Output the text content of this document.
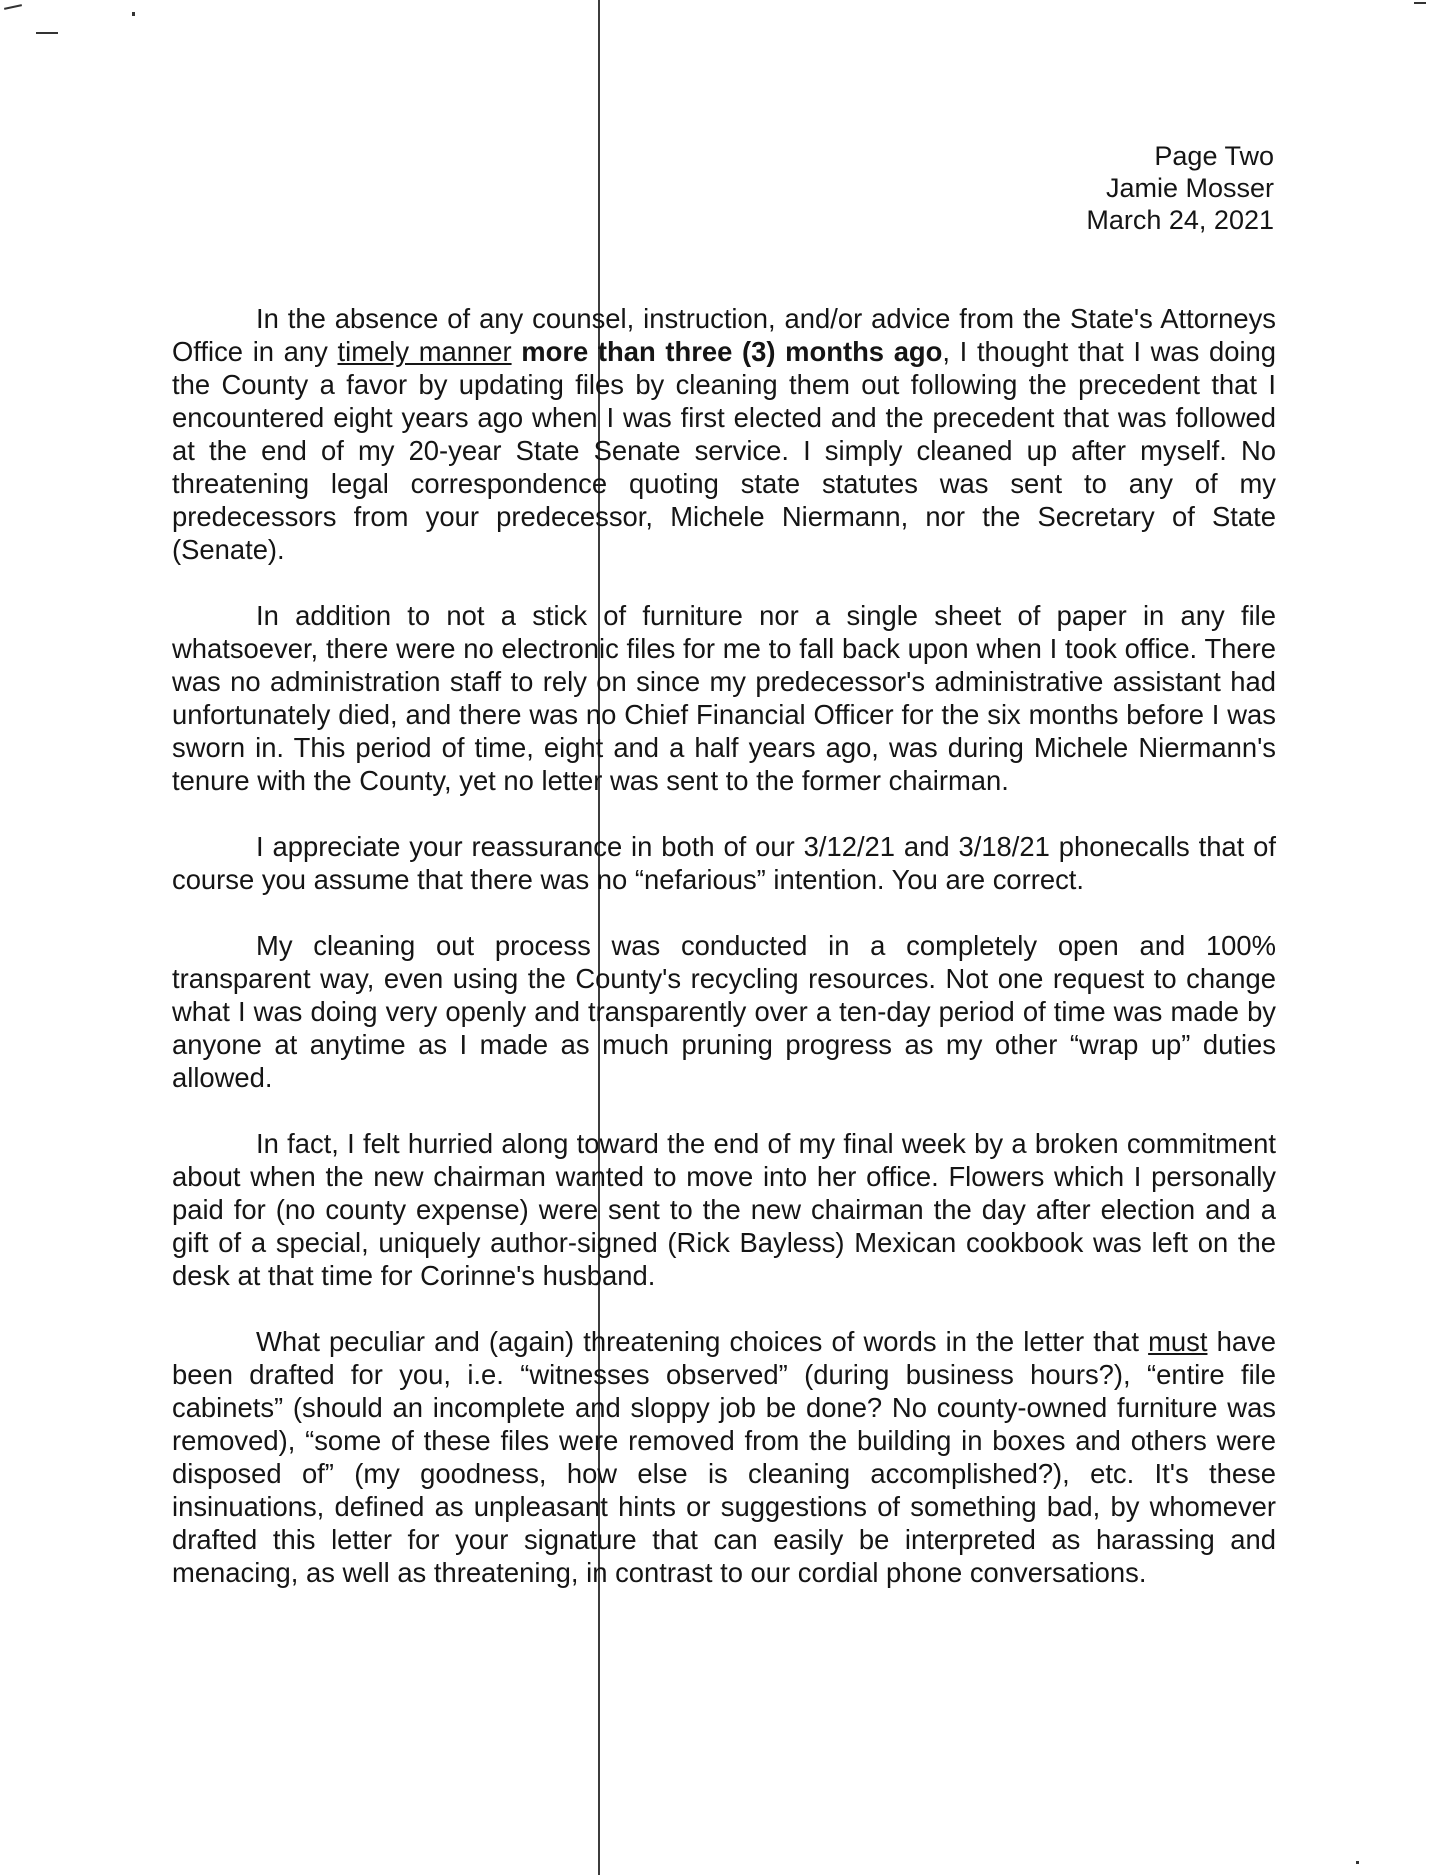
Page Two
Jamie Mosser
March 24, 2021

In the absence of any counsel, instruction, and/or advice from the State's Attorneys Office in any timely manner more than three (3) months ago, I thought that I was doing the County a favor by updating files by cleaning them out following the precedent that I encountered eight years ago when I was first elected and the precedent that was followed at the end of my 20-year State Senate service. I simply cleaned up after myself. No threatening legal correspondence quoting state statutes was sent to any of my predecessors from your predecessor, Michele Niermann, nor the Secretary of State (Senate).

In addition to not a stick of furniture nor a single sheet of paper in any file whatsoever, there were no electronic files for me to fall back upon when I took office. There was no administration staff to rely on since my predecessor's administrative assistant had unfortunately died, and there was no Chief Financial Officer for the six months before I was sworn in. This period of time, eight and a half years ago, was during Michele Niermann's tenure with the County, yet no letter was sent to the former chairman.

I appreciate your reassurance in both of our 3/12/21 and 3/18/21 phonecalls that of course you assume that there was no “nefarious” intention. You are correct.

My cleaning out process was conducted in a completely open and 100% transparent way, even using the County's recycling resources. Not one request to change what I was doing very openly and transparently over a ten-day period of time was made by anyone at anytime as I made as much pruning progress as my other “wrap up” duties allowed.

In fact, I felt hurried along toward the end of my final week by a broken commitment about when the new chairman wanted to move into her office. Flowers which I personally paid for (no county expense) were sent to the new chairman the day after election and a gift of a special, uniquely author-signed (Rick Bayless) Mexican cookbook was left on the desk at that time for Corinne's husband.

What peculiar and (again) threatening choices of words in the letter that must have been drafted for you, i.e. “witnesses observed” (during business hours?), “entire file cabinets” (should an incomplete and sloppy job be done? No county-owned furniture was removed), “some of these files were removed from the building in boxes and others were disposed of” (my goodness, how else is cleaning accomplished?), etc. It's these insinuations, defined as unpleasant hints or suggestions of something bad, by whomever drafted this letter for your signature that can easily be interpreted as harassing and menacing, as well as threatening, in contrast to our cordial phone conversations.
